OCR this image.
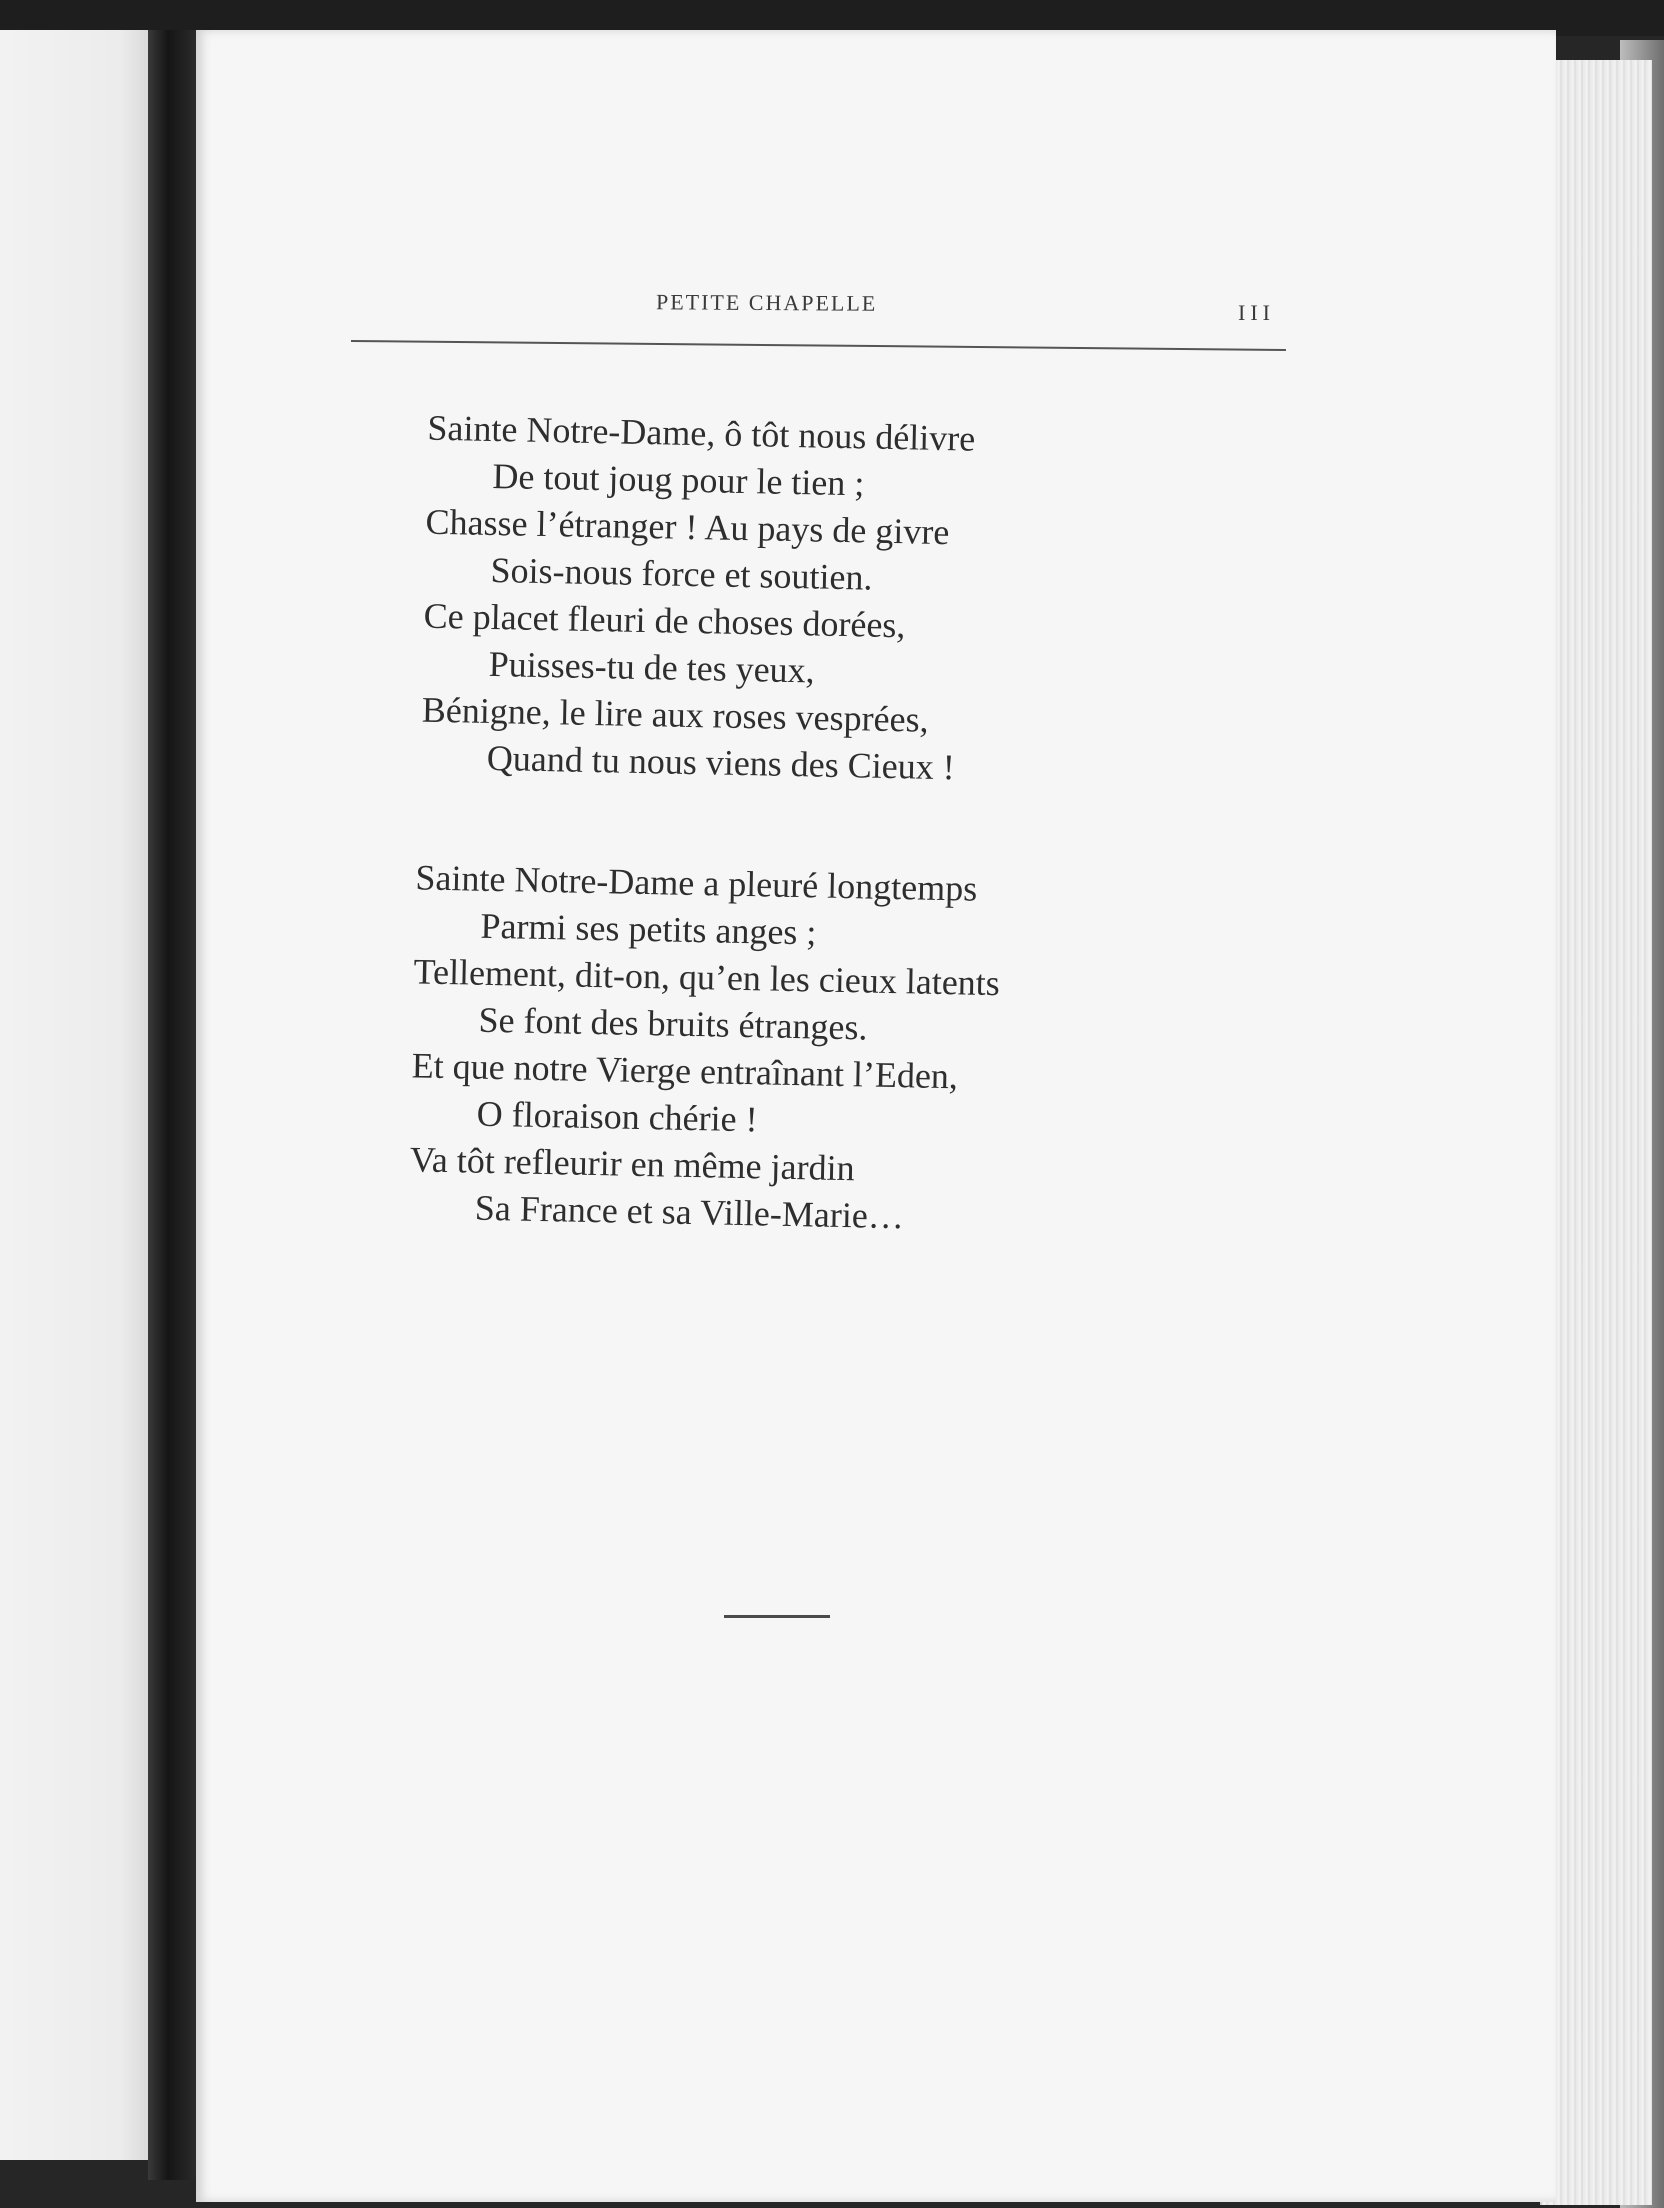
PETITE CHAPELLE	III
Sainte Notre-Dame, ô tôt nous délivre
De tout joug pour le tien ;
Chasse l’étranger ! Au pays de givre
Sois-nous force et soutien.
Ce placet fleuri de choses dorées,
Puisses-tu de tes yeux,
Bénigne, le lire aux roses vesprées,
Quand tu nous viens des Cieux !
Sainte Notre-Dame a pleuré longtemps
Parmi ses petits anges ;
Tellement, dit-on, qu’en les cieux latents
Se font des bruits étranges.
Et que notre Vierge entraînant l’Eden,
O floraison chérie !
Va tôt refleurir en même jardin
Sa France et sa Ville-Marie…
